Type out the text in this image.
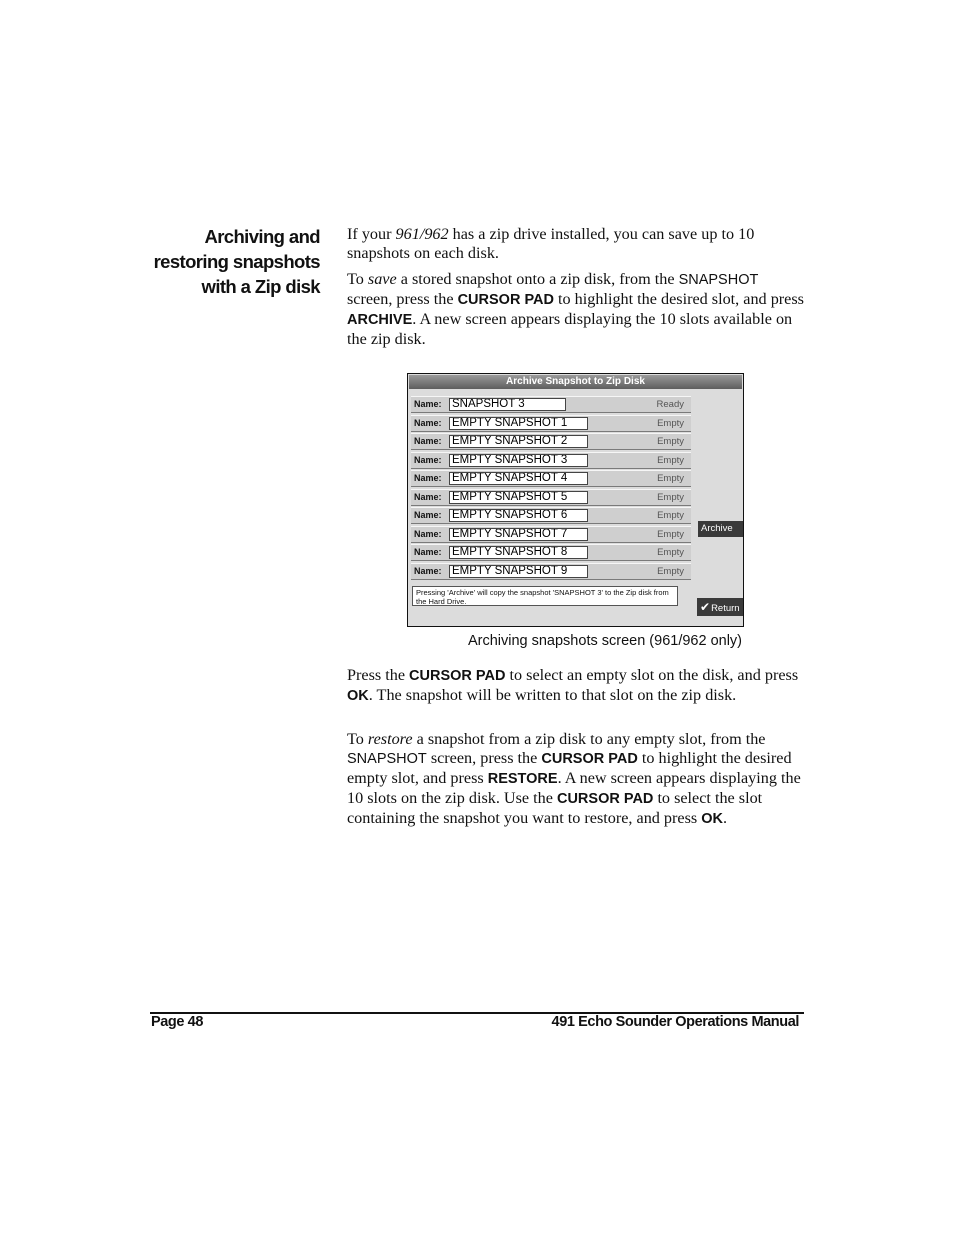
Archiving and
restoring snapshots
with a Zip disk

If your 961/962 has a zip drive installed, you can save up to 10 snapshots on each disk.

To save a stored snapshot onto a zip disk, from the SNAPSHOT screen, press the CURSOR PAD to highlight the desired slot, and press ARCHIVE. A new screen appears displaying the 10 slots available on the zip disk.

Archive Snapshot to Zip Disk
Name: SNAPSHOT 3	Ready
Name: EMPTY SNAPSHOT 1	Empty
Name: EMPTY SNAPSHOT 2	Empty
Name: EMPTY SNAPSHOT 3	Empty
Name: EMPTY SNAPSHOT 4	Empty
Name: EMPTY SNAPSHOT 5	Empty
Name: EMPTY SNAPSHOT 6	Empty
Name: EMPTY SNAPSHOT 7	Empty
Name: EMPTY SNAPSHOT 8	Empty
Name: EMPTY SNAPSHOT 9	Empty
Pressing 'Archive' will copy the snapshot 'SNAPSHOT 3' to the Zip disk from the Hard Drive.
Archive
✔Return
Archiving snapshots screen (961/962 only)

Press the CURSOR PAD to select an empty slot on the disk, and press OK. The snapshot will be written to that slot on the zip disk.

To restore a snapshot from a zip disk to any empty slot, from the SNAPSHOT screen, press the CURSOR PAD to highlight the desired empty slot, and press RESTORE. A new screen appears displaying the 10 slots on the zip disk. Use the CURSOR PAD to select the slot containing the snapshot you want to restore, and press OK.

Page 48	491 Echo Sounder Operations Manual
